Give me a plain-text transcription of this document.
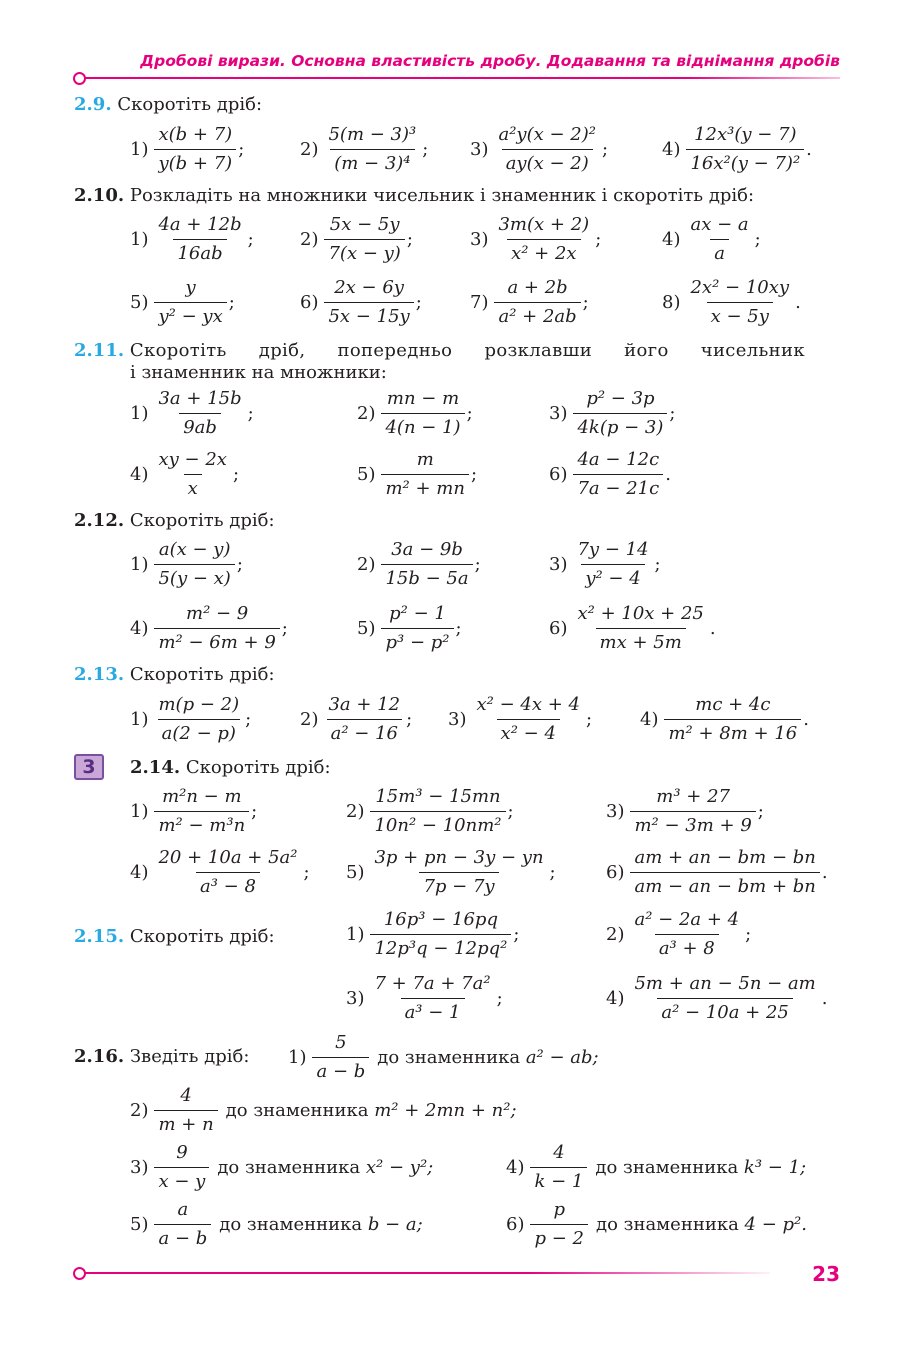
Дробові вирази. Основна властивість дробу. Додавання та віднімання дробів
2.9. Скоротіть дріб:
2.10. Розкладіть на множники чисельник і знаменник і скоротіть дріб:
2.11. Скоротіть дріб, попередньо розклавши його чисельник
і знаменник на множники:
2.12. Скоротіть дріб:
2.13. Скоротіть дріб:
3	2.14. Скоротіть дріб:
2.15. Скоротіть дріб:
2.16. Зведіть дріб:
$1) \frac{x(b + 7)}{y(b + 7)}$ ;	$2) \frac{\text{5(m − 3)³}}{\text{(m − 3)⁴}}$ ; $3) \frac{\text{a²y(x − 2)²}}{ay(x - 2)}$ ;	$4) \frac{\text{12x³(y − 7)}}{\text{16x²(y − 7)²}}$ .
$1) \frac{4a + 12b}{16ab}$ ;	$2) \frac{5x - 5y}{7(x - y)}$ ;	$3) \frac{3m(x + 2)}{\text{x² + 2x}}$ ;	$4) \frac{ax - a}{a}$ ;
$5) \frac{y}{\text{y² − yx}}$ ;	$6) \frac{2x - 6y}{5x - 15y}$ ;	$7) \frac{a + 2b}{\text{a² + 2ab}}$ ;	$8) \frac{\text{2x² − 10xy}}{x - 5y}$ .
$1) \frac{3a + 15b}{9ab}$ ;	$2) \frac{mn - m}{4(n - 1)}$ ;	$3) \frac{\text{p² − 3p}}{4k(p - 3)}$ ;
$4) \frac{xy - 2x}{x}$ ;	$5) \frac{m}{\text{m² + mn}}$ ;	$6) \frac{4a - 12c}{7a - 21c}$ .
$1) \frac{a(x - y)}{5(y - x)}$ ;	$2) \frac{3a - 9b}{15b - 5a}$ ;	$3) \frac{7y - 14}{\text{y² − 4}}$ ;
$4) \frac{\text{m² − 9}}{\text{m² − 6m + 9}}$ ;	$5) \frac{\text{p² − 1}}{\text{p³ − p²}}$ ;	$6) \frac{\text{x² + 10x + 25}}{mx + 5m}$ .
$1) \frac{m(p - 2)}{a(2 - p)}$ ;	$2) \frac{3a + 12}{\text{a² − 16}}$ ; $3) \frac{\text{x² − 4x + 4}}{\text{x² − 4}}$ ;	$4) \frac{mc + 4c}{\text{m² + 8m + 16}}$ .
$1) \frac{\text{m²n − m}}{\text{m² − m³n}}$ ;	$2) \frac{\text{15m³ − 15mn}}{\text{10n² − 10nm²}}$ ;	$3) \frac{\text{m³ + 27}}{\text{m² − 3m + 9}}$ ;
$4) \frac{\text{20 + 10a + 5a²}}{\text{a³ − 8}}$ ; $5) \frac{3p + pn - 3y - yn}{7p - 7y}$ ;	$6) \frac{am + an - bm - bn}{am - an - bm + bn}$ .
$1) \frac{\text{16p³ − 16pq}}{\text{12p³q − 12pq²}}$ ;	$2) \frac{\text{a² − 2a + 4}}{\text{a³ + 8}}$ ;
$3) \frac{\text{7 + 7a + 7a²}}{\text{a³ − 1}}$ ;	$4) \frac{5m + an - 5n - am}{\text{a² − 10a + 25}}$ .
$1) \frac{5}{a - b}$ до знаменника a² − ab;
$2) \frac{4}{m + n}$ до знаменника m² + 2mn + n²;
$3) \frac{9}{x - y}$ до знаменника x² − y²;	$4) \frac{4}{k - 1}$ до знаменника k³ − 1;
$5) \frac{a}{a - b}$ до знаменника b − a;	$6) \frac{p}{p - 2}$ до знаменника 4 − p².
23
